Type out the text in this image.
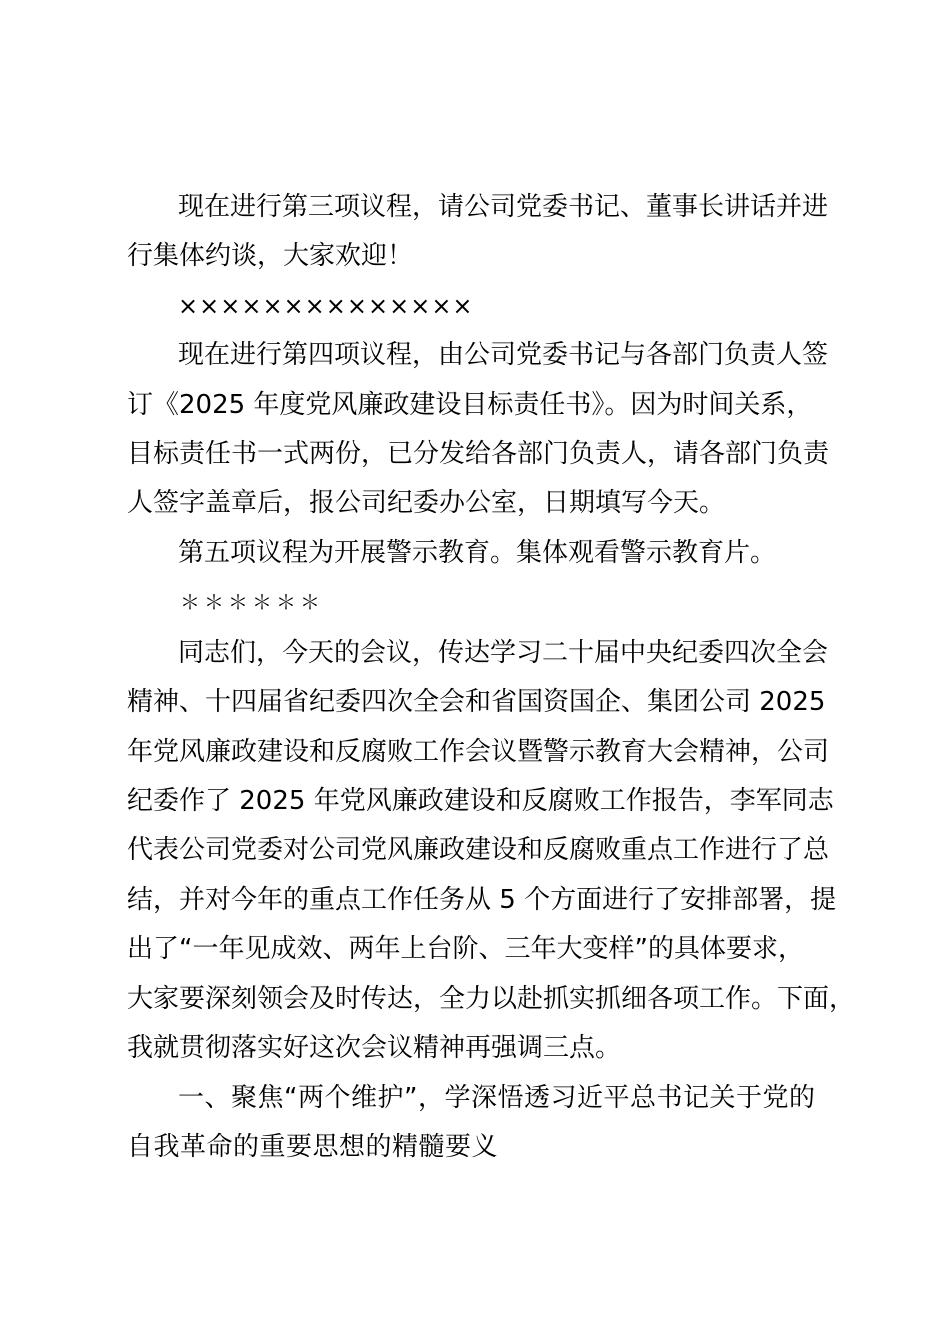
现在进行第三项议程，请公司党委书记、董事长讲话并进
行集体约谈，大家欢迎！
××××××××××××××
现在进行第四项议程，由公司党委书记与各部门负责人签
订《2025 年度党风廉政建设目标责任书》。因为时间关系，
目标责任书一式两份，已分发给各部门负责人，请各部门负责
人签字盖章后，报公司纪委办公室，日期填写今天。
第五项议程为开展警示教育。集体观看警示教育片。
＊＊＊＊＊＊
同志们，今天的会议，传达学习二十届中央纪委四次全会
精神、十四届省纪委四次全会和省国资国企、集团公司 2025
年党风廉政建设和反腐败工作会议暨警示教育大会精神，公司
纪委作了 2025 年党风廉政建设和反腐败工作报告，李军同志
代表公司党委对公司党风廉政建设和反腐败重点工作进行了总
结，并对今年的重点工作任务从 5 个方面进行了安排部署，提
出了“一年见成效、两年上台阶、三年大变样”的具体要求，
大家要深刻领会及时传达，全力以赴抓实抓细各项工作。下面，
我就贯彻落实好这次会议精神再强调三点。
一、聚焦“两个维护”，学深悟透习近平总书记关于党的
自我革命的重要思想的精髓要义
